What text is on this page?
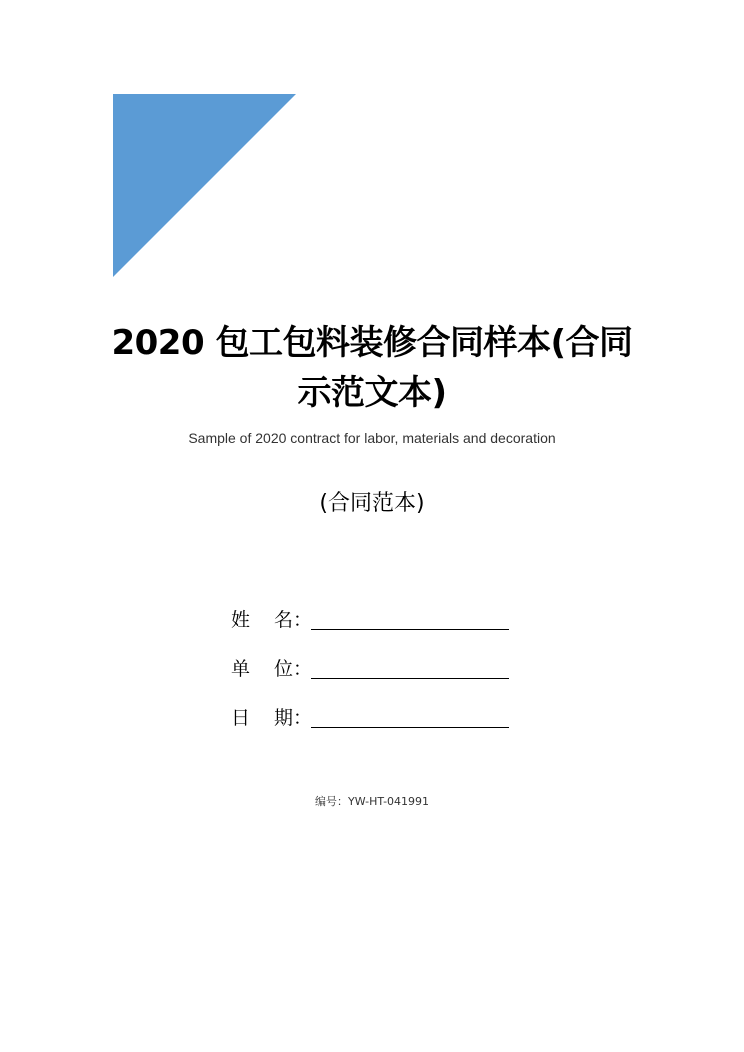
2020 包工包料装修合同样本(合同示范文本)
Sample of 2020 contract for labor, materials and decoration
(合同范本)
姓 名 ：
单 位 ：
日 期 ：
编号：YW-HT-041991
